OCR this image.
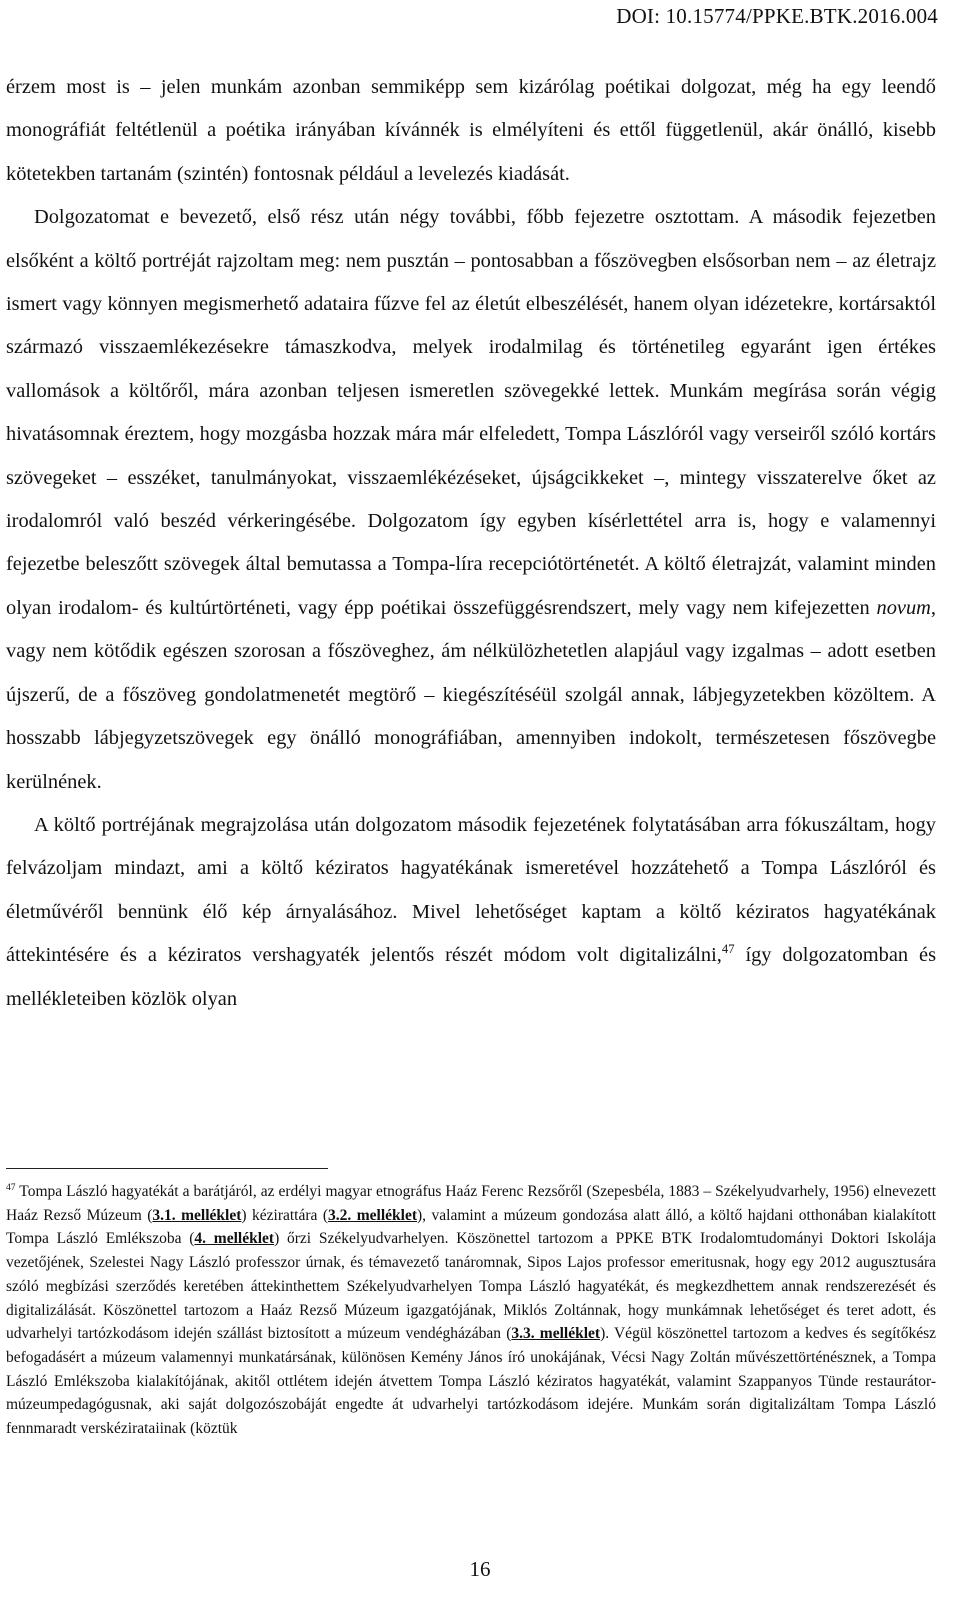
DOI: 10.15774/PPKE.BTK.2016.004

érzem most is – jelen munkám azonban semmiképp sem kizárólag poétikai dolgozat, még ha egy leendő monográfiát feltétlenül a poétika irányában kívánnék is elmélyíteni és ettől függetlenül, akár önálló, kisebb kötetekben tartanám (szintén) fontosnak például a levelezés kiadását.

Dolgozatomat e bevezető, első rész után négy további, főbb fejezetre osztottam. A második fejezetben elsőként a költő portréját rajzoltam meg: nem pusztán – pontosabban a főszövegben elsősorban nem – az életrajz ismert vagy könnyen megismerhető adataira fűzve fel az életút elbeszélését, hanem olyan idézetekre, kortársaktól származó visszaemlékezésekre támaszkodva, melyek irodalmilag és történetileg egyaránt igen értékes vallomások a költőről, mára azonban teljesen ismeretlen szövegekké lettek. Munkám megírása során végig hivatásomnak éreztem, hogy mozgásba hozzak mára már elfeledett, Tompa Lászlóról vagy verseiről szóló kortárs szövegeket – esszéket, tanulmányokat, visszaemlékézéseket, újságcikkeket –, mintegy visszaterelve őket az irodalomról való beszéd vérkeringésébe. Dolgozatom így egyben kísérlettétel arra is, hogy e valamennyi fejezetbe beleszőtt szövegek által bemutassa a Tompa-líra recepciótörténetét. A költő életrajzát, valamint minden olyan irodalom- és kultúrtörténeti, vagy épp poétikai összefüggésrendszert, mely vagy nem kifejezetten novum, vagy nem kötődik egészen szorosan a főszöveghez, ám nélkülözhetetlen alapjául vagy izgalmas – adott esetben újszerű, de a főszöveg gondolatmenetét megtörő – kiegészítéséül szolgál annak, lábjegyzetekben közöltem. A hosszabb lábjegyzetszövegek egy önálló monográfiában, amennyiben indokolt, természetesen főszövegbe kerülnének.

A költő portréjának megrajzolása után dolgozatom második fejezetének folytatásában arra fókuszáltam, hogy felvázoljam mindazt, ami a költő kéziratos hagyatékának ismeretével hozzátehető a Tompa Lászlóról és életművéről bennünk élő kép árnyalásához. Mivel lehetőséget kaptam a költő kéziratos hagyatékának áttekintésére és a kéziratos vershagyaték jelentős részét módom volt digitalizálni,$^{47}$ így dolgozatomban és mellékleteiben közlök olyan

$^{47}$ Tompa László hagyatékát a barátjáról, az erdélyi magyar etnográfus Haáz Ferenc Rezsőről (Szepesbéla, 1883 – Székelyudvarhely, 1956) elnevezett Haáz Rezső Múzeum (3.1. melléklet) kézirattára (3.2. melléklet), valamint a múzeum gondozása alatt álló, a költő hajdani otthonában kialakított Tompa László Emlékszoba (4. melléklet) őrzi Székelyudvarhelyen. Köszönettel tartozom a PPKE BTK Irodalomtudományi Doktori Iskolája vezetőjének, Szelestei Nagy László professzor úrnak, és témavezető tanáromnak, Sipos Lajos professor emeritusnak, hogy egy 2012 augusztusára szóló megbízási szerződés keretében áttekinthettem Székelyudvarhelyen Tompa László hagyatékát, és megkezdhettem annak rendszerezését és digitalizálását. Köszönettel tartozom a Haáz Rezső Múzeum igazgatójának, Miklós Zoltánnak, hogy munkámnak lehetőséget és teret adott, és udvarhelyi tartózkodásom idején szállást biztosított a múzeum vendégházában (3.3. melléklet). Végül köszönettel tartozom a kedves és segítőkész befogadásért a múzeum valamennyi munkatársának, különösen Kemény János író unokájának, Vécsi Nagy Zoltán művészettörténésznek, a Tompa László Emlékszoba kialakítójának, akitől ottlétem idején átvettem Tompa László kéziratos hagyatékát, valamint Szappanyos Tünde restaurátor-múzeumpedagógusnak, aki saját dolgozószobáját engedte át udvarhelyi tartózkodásom idejére. Munkám során digitalizáltam Tompa László fennmaradt verskézirataiinak (köztük

16
